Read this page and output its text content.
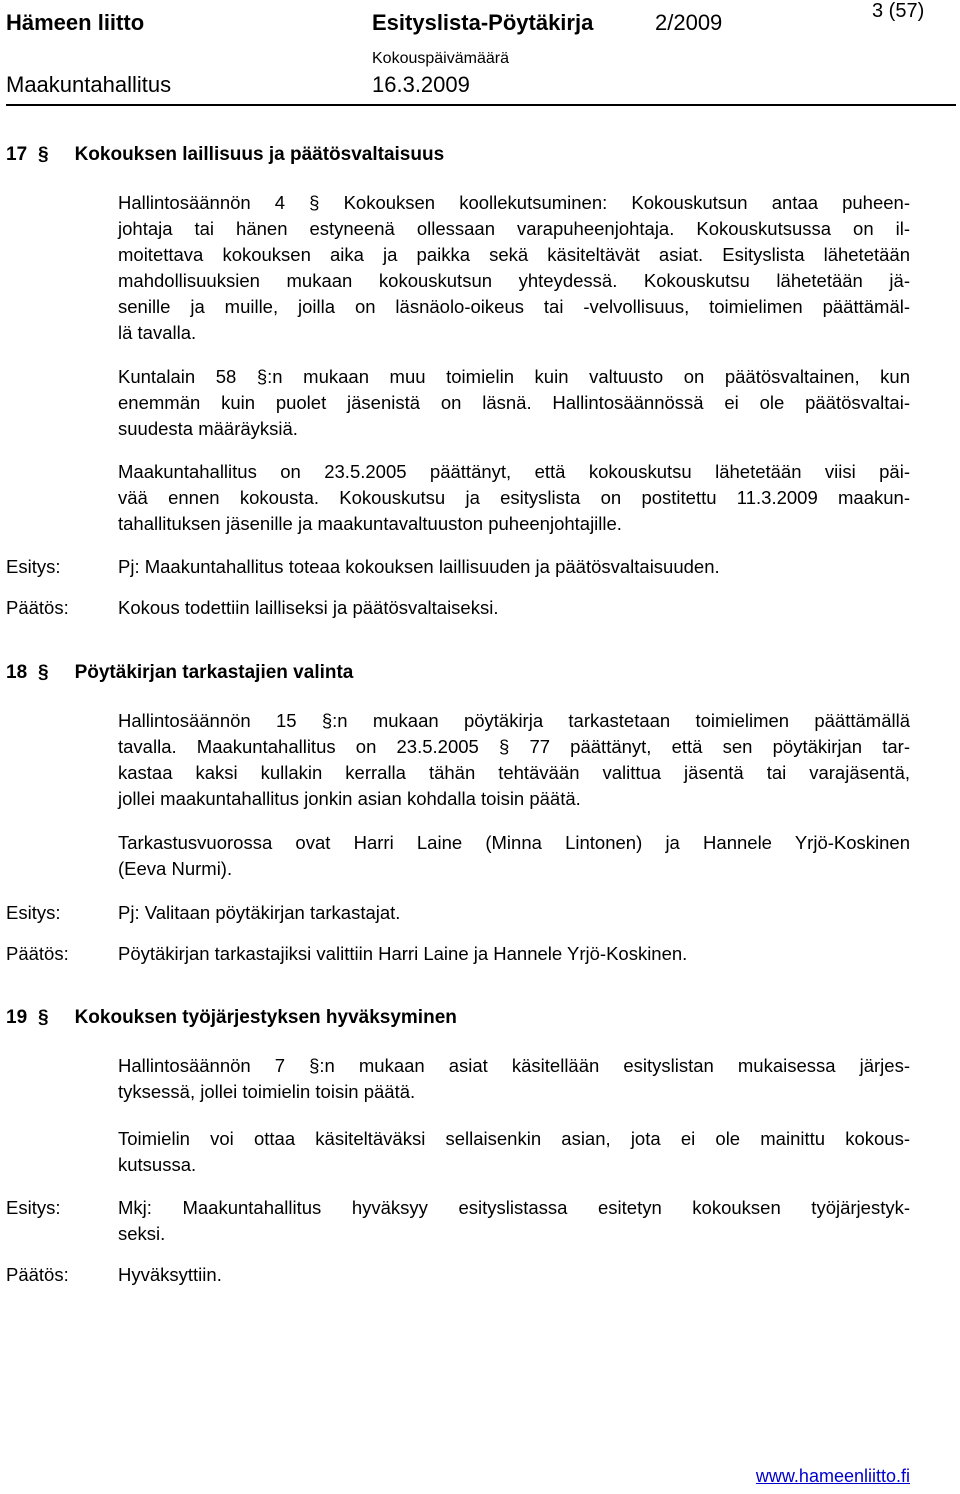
Hämeen liitto	Esityslista-Pöytäkirja	2/2009	3 (57)
Maakuntahallitus
Kokouspäivämäärä
16.3.2009
17 § Kokouksen laillisuus ja päätösvaltaisuus
Hallintosäännön 4 § Kokouksen koollekutsuminen: Kokouskutsun antaa puheen-
johtaja tai hänen estyneenä ollessaan varapuheenjohtaja. Kokouskutsussa on il-
moitettava kokouksen aika ja paikka sekä käsiteltävät asiat. Esityslista lähetetään
mahdollisuuksien mukaan kokouskutsun yhteydessä. Kokouskutsu lähetetään jä-
senille ja muille, joilla on läsnäolo-oikeus tai -velvollisuus, toimielimen päättämäl-
lä tavalla.
Kuntalain 58 §:n mukaan muu toimielin kuin valtuusto on päätösvaltainen, kun
enemmän kuin puolet jäsenistä on läsnä. Hallintosäännössä ei ole päätösvaltai-
suudesta määräyksiä.
Maakuntahallitus on 23.5.2005 päättänyt, että kokouskutsu lähetetään viisi päi-
vää ennen kokousta. Kokouskutsu ja esityslista on postitettu 11.3.2009 maakun-
tahallituksen jäsenille ja maakuntavaltuuston puheenjohtajille.
Esitys:	Pj: Maakuntahallitus toteaa kokouksen laillisuuden ja päätösvaltaisuuden.
Päätös:	Kokous todettiin lailliseksi ja päätösvaltaiseksi.
18 § Pöytäkirjan tarkastajien valinta
Hallintosäännön 15 §:n mukaan pöytäkirja tarkastetaan toimielimen päättämällä
tavalla. Maakuntahallitus on 23.5.2005 § 77 päättänyt, että sen pöytäkirjan tar-
kastaa kaksi kullakin kerralla tähän tehtävään valittua jäsentä tai varajäsentä,
jollei maakuntahallitus jonkin asian kohdalla toisin päätä.
Tarkastusvuorossa ovat Harri Laine (Minna Lintonen) ja Hannele Yrjö-Koskinen
(Eeva Nurmi).
Esitys:	Pj: Valitaan pöytäkirjan tarkastajat.
Päätös:	Pöytäkirjan tarkastajiksi valittiin Harri Laine ja Hannele Yrjö-Koskinen.
19 § Kokouksen työjärjestyksen hyväksyminen
Hallintosäännön 7 §:n mukaan asiat käsitellään esityslistan mukaisessa järjes-
tyksessä, jollei toimielin toisin päätä.
Toimielin voi ottaa käsiteltäväksi sellaisenkin asian, jota ei ole mainittu kokous-
kutsussa.
Esitys:	Mkj: Maakuntahallitus hyväksyy esityslistassa esitetyn kokouksen työjärjestyk-
seksi.
Päätös:	Hyväksyttiin.
www.hameenliitto.fi
